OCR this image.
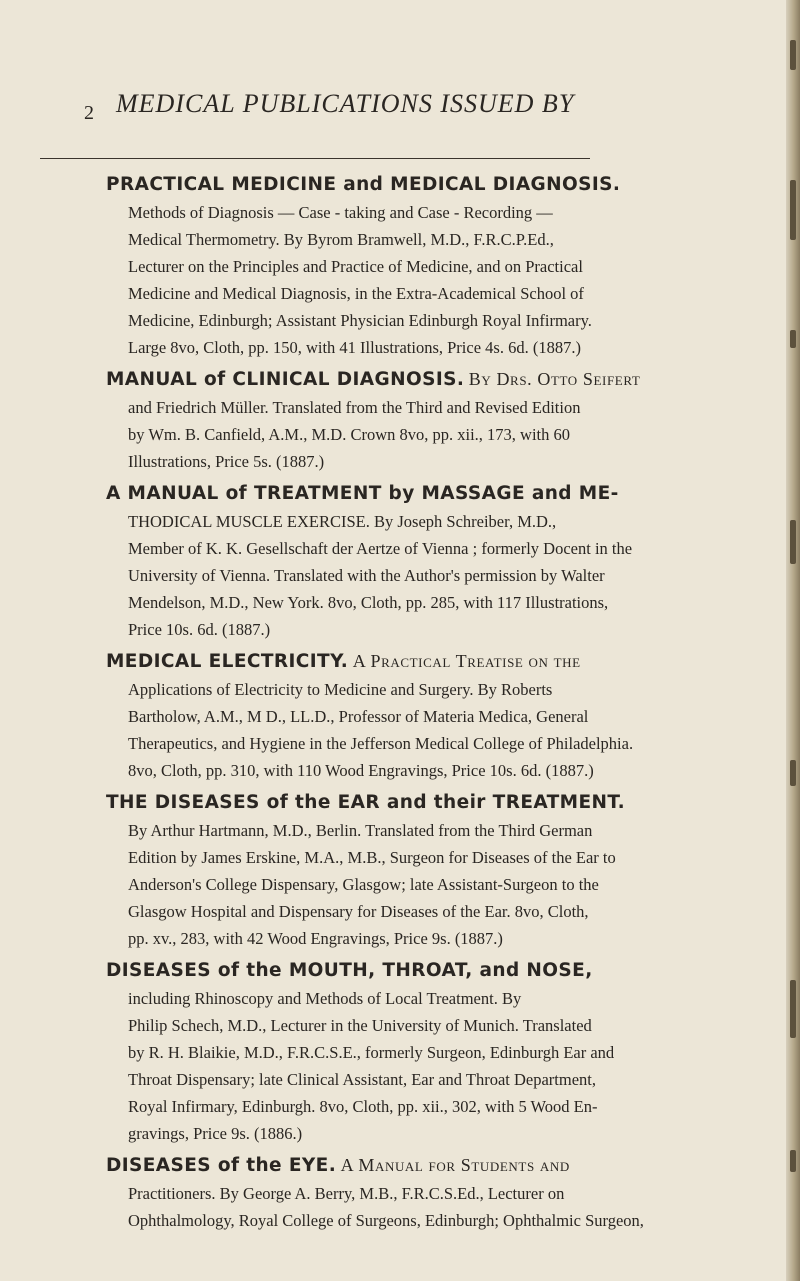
2 MEDICAL PUBLICATIONS ISSUED BY
PRACTICAL MEDICINE and MEDICAL DIAGNOSIS.
Methods of Diagnosis — Case - taking and Case - Recording —
Medical Thermometry. By Byrom Bramwell, M.D., F.R.C.P.Ed.,
Lecturer on the Principles and Practice of Medicine, and on Practical
Medicine and Medical Diagnosis, in the Extra-Academical School of
Medicine, Edinburgh; Assistant Physician Edinburgh Royal Infirmary.
Large 8vo, Cloth, pp. 150, with 41 Illustrations, Price 4s. 6d. (1887.)
MANUAL of CLINICAL DIAGNOSIS. By Drs. Otto Seifert
and Friedrich Müller. Translated from the Third and Revised Edition
by Wm. B. Canfield, A.M., M.D. Crown 8vo, pp. xii., 173, with 60
Illustrations, Price 5s. (1887.)
A MANUAL of TREATMENT by MASSAGE and ME-
THODICAL MUSCLE EXERCISE. By Joseph Schreiber, M.D.,
Member of K. K. Gesellschaft der Aertze of Vienna ; formerly Docent in the
University of Vienna. Translated with the Author's permission by Walter
Mendelson, M.D., New York. 8vo, Cloth, pp. 285, with 117 Illustrations,
Price 10s. 6d. (1887.)
MEDICAL ELECTRICITY. A Practical Treatise on the
Applications of Electricity to Medicine and Surgery. By Roberts
Bartholow, A.M., M D., LL.D., Professor of Materia Medica, General
Therapeutics, and Hygiene in the Jefferson Medical College of Philadelphia.
8vo, Cloth, pp. 310, with 110 Wood Engravings, Price 10s. 6d. (1887.)
THE DISEASES of the EAR and their TREATMENT.
By Arthur Hartmann, M.D., Berlin. Translated from the Third German
Edition by James Erskine, M.A., M.B., Surgeon for Diseases of the Ear to
Anderson's College Dispensary, Glasgow; late Assistant-Surgeon to the
Glasgow Hospital and Dispensary for Diseases of the Ear. 8vo, Cloth,
pp. xv., 283, with 42 Wood Engravings, Price 9s. (1887.)
DISEASES of the MOUTH, THROAT, and NOSE,
including Rhinoscopy and Methods of Local Treatment. By
Philip Schech, M.D., Lecturer in the University of Munich. Translated
by R. H. Blaikie, M.D., F.R.C.S.E., formerly Surgeon, Edinburgh Ear and
Throat Dispensary; late Clinical Assistant, Ear and Throat Department,
Royal Infirmary, Edinburgh. 8vo, Cloth, pp. xii., 302, with 5 Wood En-
gravings, Price 9s. (1886.)
DISEASES of the EYE. A Manual for Students and
Practitioners. By George A. Berry, M.B., F.R.C.S.Ed., Lecturer on
Ophthalmology, Royal College of Surgeons, Edinburgh; Ophthalmic Surgeon,
